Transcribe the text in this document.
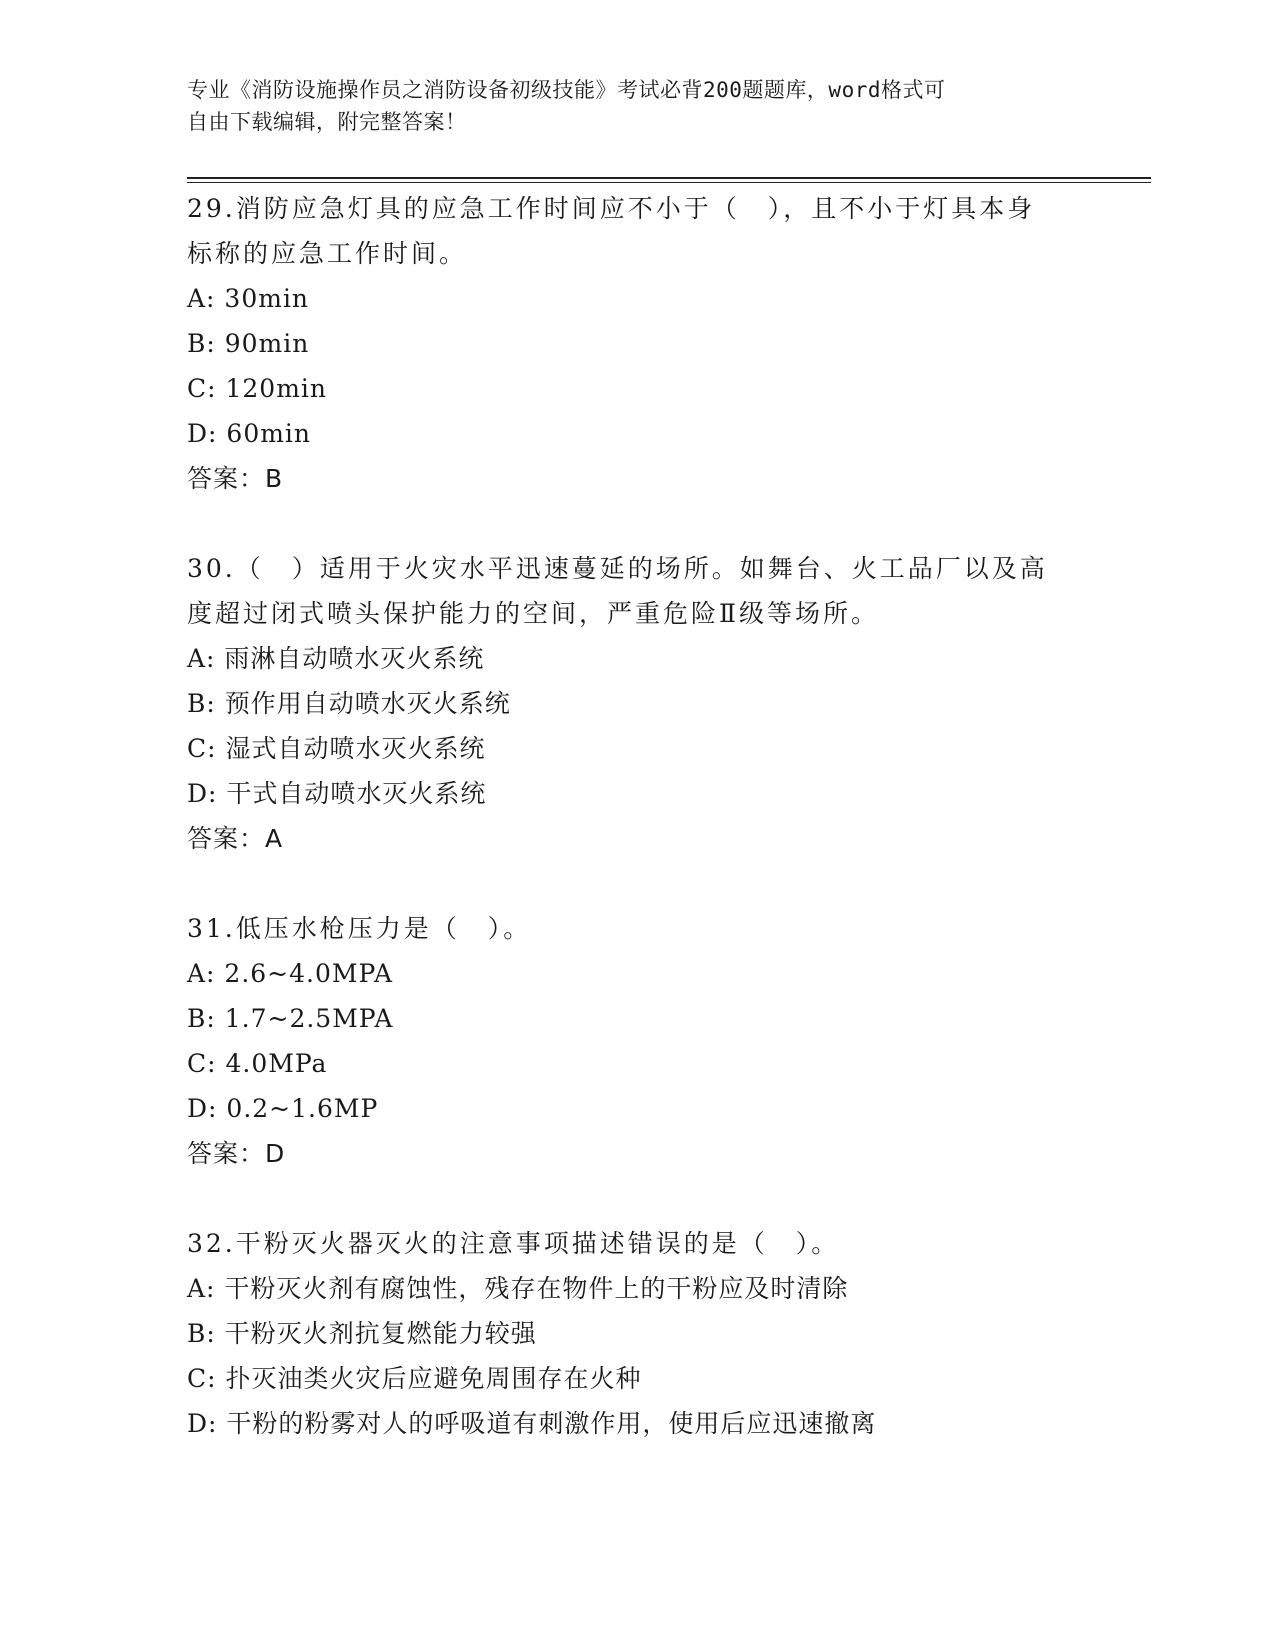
专业《消防设施操作员之消防设备初级技能》考试必背200题题库，word格式可
自由下载编辑，附完整答案！

29.消防应急灯具的应急工作时间应不小于（　），且不小于灯具本身

标称的应急工作时间。

A: 30min

B: 90min

C: 120min

D: 60min

答案：B

30.（　）适用于火灾水平迅速蔓延的场所。如舞台、火工品厂以及高

度超过闭式喷头保护能力的空间，严重危险Ⅱ级等场所。

A: 雨淋自动喷水灭火系统

B: 预作用自动喷水灭火系统

C: 湿式自动喷水灭火系统

D: 干式自动喷水灭火系统

答案：A

31.低压水枪压力是（　）。

A: 2.6~4.0MPA

B: 1.7~2.5MPA

C: 4.0MPa

D: 0.2~1.6MP

答案：D

32.干粉灭火器灭火的注意事项描述错误的是（　）。

A: 干粉灭火剂有腐蚀性，残存在物件上的干粉应及时清除

B: 干粉灭火剂抗复燃能力较强

C: 扑灭油类火灾后应避免周围存在火种

D: 干粉的粉雾对人的呼吸道有刺激作用，使用后应迅速撤离
